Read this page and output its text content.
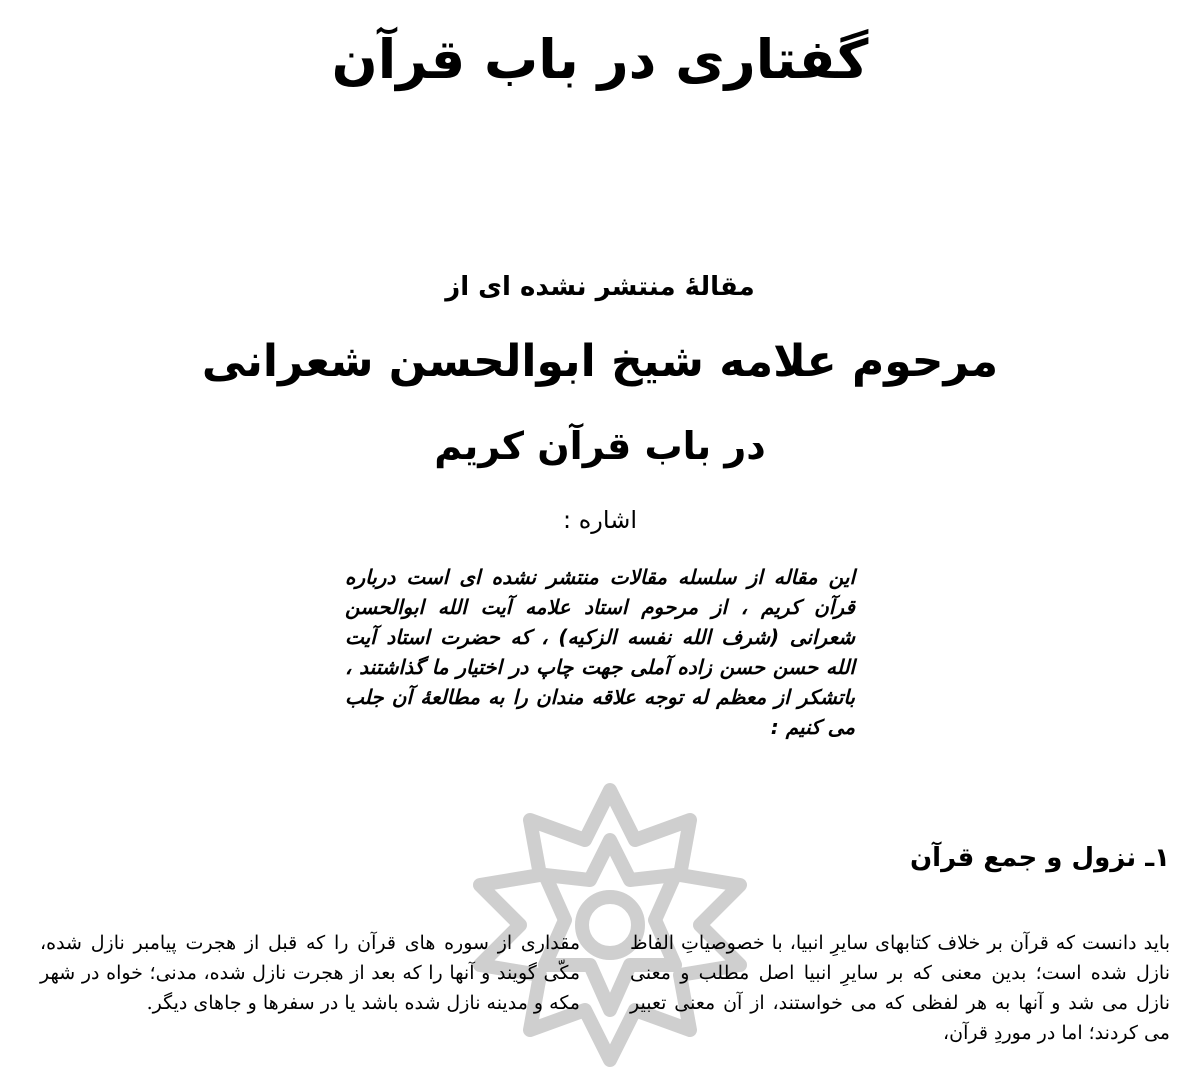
گفتاری در باب قرآن
مقالهٔ منتشر نشده ای از
مرحوم علامه شیخ ابوالحسن شعرانی
در باب قرآن کریم
اشاره :

این مقاله از سلسله مقالات منتشر نشده ای است درباره قرآن کریم ، از مرحوم استاد علامه آیت الله ابوالحسن شعرانی (شرف الله نفسه الزکیه) ، که حضرت استاد آیت الله حسن حسن زاده آملی جهت چاپ در اختیار ما گذاشتند ، باتشکر از معظم له توجه علاقه مندان را به مطالعهٔ آن جلب می کنیم :

۱ـ نزول و جمع قرآن

باید دانست که قرآن بر خلاف کتابهای سایرِ انبیا، با خصوصیاتِ الفاظ نازل شده است؛ بدین معنی که بر سایرِ انبیا اصل مطلب و معنی نازل می شد و آنها به هر لفظی که می خواستند، از آن معنی تعبیر می کردند؛ اما در موردِ قرآن،

مقداری از سوره های قرآن را که قبل از هجرت پیامبر نازل شده، مکّی گویند و آنها را که بعد از هجرت نازل شده، مدنی؛ خواه در شهر مکه و مدینه نازل شده باشد یا در سفرها و جاهای دیگر.
